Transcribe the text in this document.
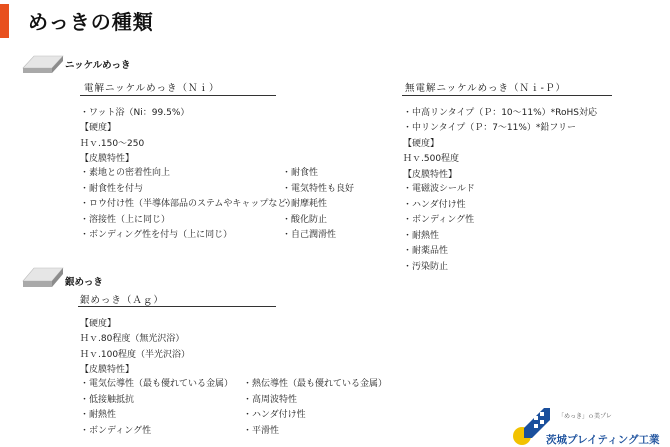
めっきの種類
ニッケルめっき
電解ニッケルめっき（Ｎｉ）
・ワット浴（Ni：99.5%）
【硬度】
Ｈｖ.150～250
【皮膜特性】
・素地との密着性向上
・耐食性を付与
・ロウ付け性（半導体部品のステムやキャップなど）
・溶接性（上に同じ）
・ボンディング性を付与（上に同じ）
・耐食性
・電気特性も良好
・耐摩耗性
・酸化防止
・自己潤滑性
無電解ニッケルめっき（Ｎｉ-Ｐ）
・中高リンタイプ（Ｐ：10～11%）*RoHS対応
・中リンタイプ（Ｐ：7～11%）*鉛フリー
【硬度】
Ｈｖ.500程度
【皮膜特性】
・電磁波シールド
・ハンダ付け性
・ボンディング性
・耐熱性
・耐薬品性
・汚染防止
銀めっき
銀めっき（Ａｇ）
【硬度】
Ｈｖ.80程度（無光沢浴）
Ｈｖ.100程度（半光沢浴）
【皮膜特性】
・電気伝導性（最も優れている金属）
・低接触抵抗
・耐熱性
・ボンディング性
・熱伝導性（最も優れている金属）
・高周波特性
・ハンダ付け性
・平滑性
「めっき」ｏ美プレ
茨城プレイティング工業
